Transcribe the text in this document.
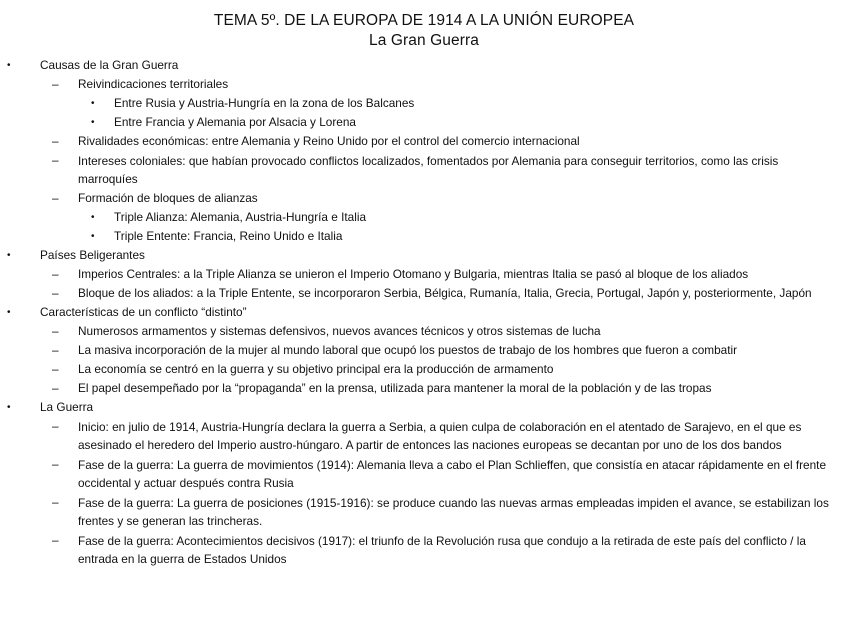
TEMA 5º. DE LA EUROPA DE 1914 A LA UNIÓN EUROPEA
La Gran Guerra
• Causas de la Gran Guerra
– Reivindicaciones territoriales
• Entre Rusia y Austria-Hungría en la zona de los Balcanes
• Entre Francia y Alemania por Alsacia y Lorena
– Rivalidades económicas: entre Alemania y Reino Unido por el control del comercio internacional
– Intereses coloniales: que habían provocado conflictos localizados, fomentados por Alemania para conseguir territorios, como las crisis marroquíes
– Formación de bloques de alianzas
• Triple Alianza: Alemania, Austria-Hungría e Italia
• Triple Entente: Francia, Reino Unido e Italia
• Países Beligerantes
– Imperios Centrales: a la Triple Alianza se unieron el Imperio Otomano y Bulgaria, mientras Italia se pasó al bloque de los aliados
– Bloque de los aliados: a la Triple Entente, se incorporaron Serbia, Bélgica, Rumanía, Italia, Grecia, Portugal, Japón y, posteriormente, Japón
• Características de un conflicto “distinto”
– Numerosos armamentos y sistemas defensivos, nuevos avances técnicos y otros sistemas de lucha
– La masiva incorporación de la mujer al mundo laboral que ocupó los puestos de trabajo de los hombres que fueron a combatir
– La economía se centró en la guerra y su objetivo principal era la producción de armamento
– El papel desempeñado por la “propaganda” en la prensa, utilizada para mantener la moral de la población y de las tropas
• La Guerra
– Inicio: en julio de 1914, Austria-Hungría declara la guerra a Serbia, a quien culpa de colaboración en el atentado de Sarajevo, en el que es asesinado el heredero del Imperio austro-húngaro. A partir de entonces las naciones europeas se decantan por uno de los dos bandos
– Fase de la guerra: La guerra de movimientos (1914): Alemania lleva a cabo el Plan Schlieffen, que consistía en atacar rápidamente en el frente occidental y actuar después contra Rusia
– Fase de la guerra: La guerra de posiciones (1915-1916): se produce cuando las nuevas armas empleadas impiden el avance, se estabilizan los frentes y se generan las trincheras.
– Fase de la guerra: Acontecimientos decisivos (1917): el triunfo de la Revolución rusa que condujo a la retirada de este país del conflicto / la entrada en la guerra de Estados Unidos
